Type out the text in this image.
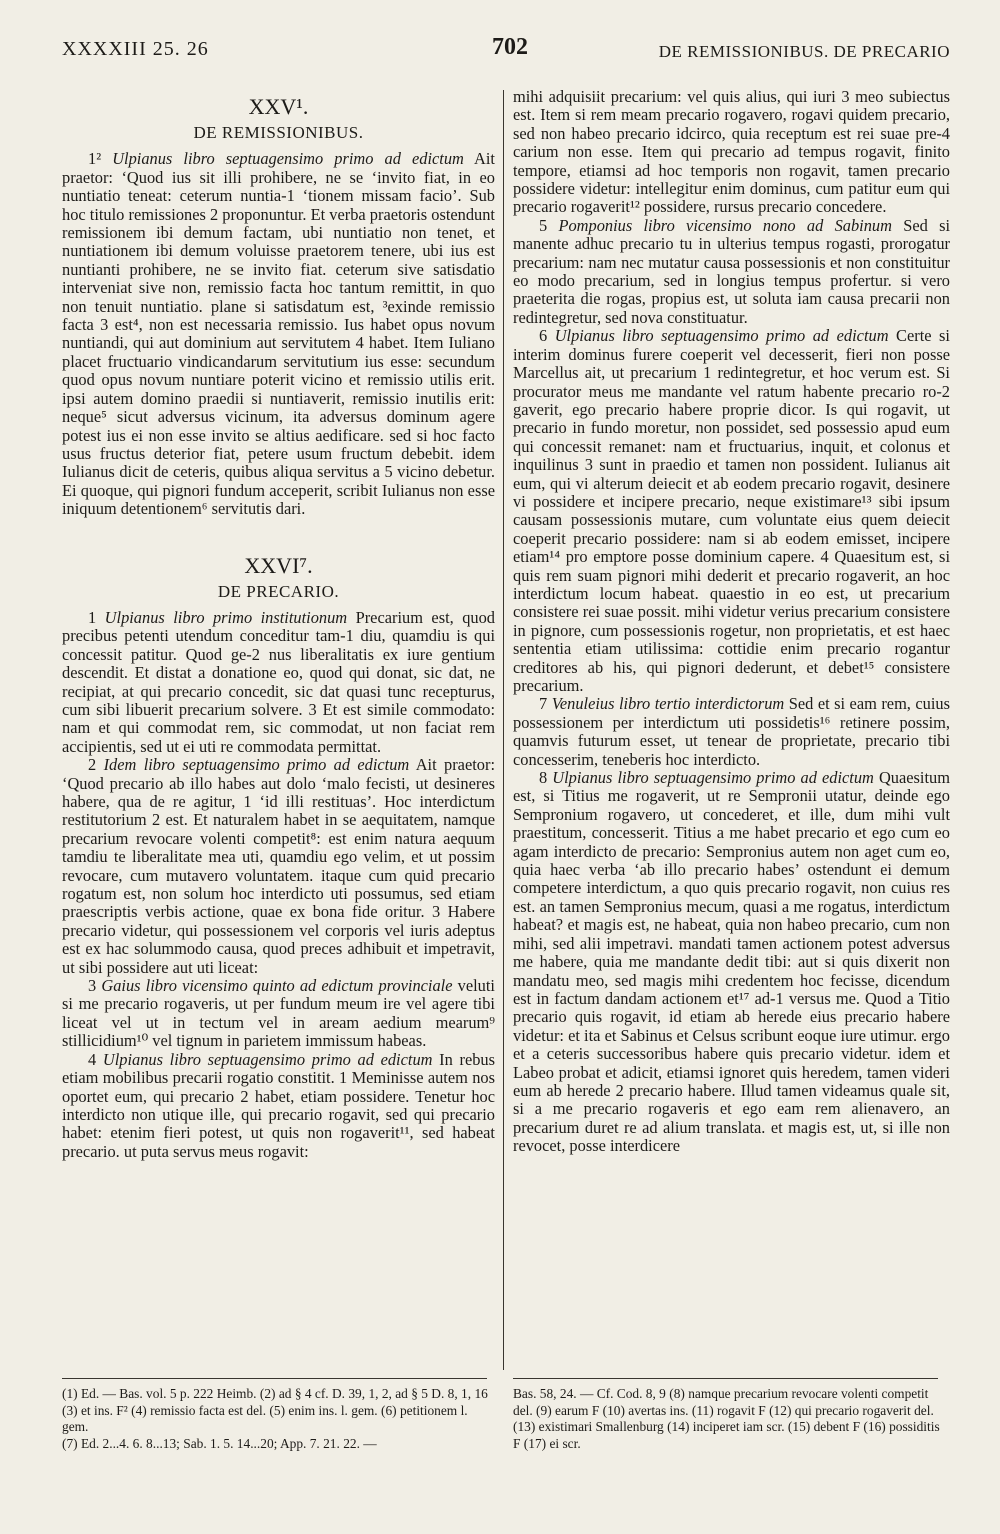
XXXXIII 25. 26	702	DE REMISSIONIBUS. DE PRECARIO
XXV¹.
DE REMISSIONIBUS.

1² Ulpianus libro septuagensimo primo ad edictum Ait praetor: ‘Quod ius sit illi prohibere, ne se ‘invito fiat, in eo nuntiatio teneat: ceterum nuntia-1 ‘tionem missam facio’. Sub hoc titulo remissiones 2 proponuntur. Et verba praetoris ostendunt remissionem ibi demum factam, ubi nuntiatio non tenet, et nuntiationem ibi demum voluisse praetorem tenere, ubi ius est nuntianti prohibere, ne se invito fiat. ceterum sive satisdatio interveniat sive non, remissio facta hoc tantum remittit, in quo non tenuit nuntiatio. plane si satisdatum est, ³exinde remissio facta 3 est⁴, non est necessaria remissio. Ius habet opus novum nuntiandi, qui aut dominium aut servitutem 4 habet. Item Iuliano placet fructuario vindicandarum servitutium ius esse: secundum quod opus novum nuntiare poterit vicino et remissio utilis erit. ipsi autem domino praedii si nuntiaverit, remissio inutilis erit: neque⁵ sicut adversus vicinum, ita adversus dominum agere potest ius ei non esse invito se altius aedificare. sed si hoc facto usus fructus deterior fiat, petere usum fructum debebit. idem Iulianus dicit de ceteris, quibus aliqua servitus a 5 vicino debetur. Ei quoque, qui pignori fundum acceperit, scribit Iulianus non esse iniquum detentionem⁶ servitutis dari.

XXVI⁷.
DE PRECARIO.

1 Ulpianus libro primo institutionum Precarium est, quod precibus petenti utendum conceditur tam-1 diu, quamdiu is qui concessit patitur. Quod ge-2 nus liberalitatis ex iure gentium descendit. Et distat a donatione eo, quod qui donat, sic dat, ne recipiat, at qui precario concedit, sic dat quasi tunc recepturus, cum sibi libuerit precarium solvere. 3 Et est simile commodato: nam et qui commodat rem, sic commodat, ut non faciat rem accipientis, sed ut ei uti re commodata permittat.

2 Idem libro septuagensimo primo ad edictum Ait praetor: ‘Quod precario ab illo habes aut dolo ‘malo fecisti, ut desineres habere, qua de re agitur, 1 ‘id illi restituas’. Hoc interdictum restitutorium 2 est. Et naturalem habet in se aequitatem, namque precarium revocare volenti competit⁸: est enim natura aequum tamdiu te liberalitate mea uti, quamdiu ego velim, et ut possim revocare, cum mutavero voluntatem. itaque cum quid precario rogatum est, non solum hoc interdicto uti possumus, sed etiam praescriptis verbis actione, quae ex bona fide oritur. 3 Habere precario videtur, qui possessionem vel corporis vel iuris adeptus est ex hac solummodo causa, quod preces adhibuit et impetravit, ut sibi possidere aut uti liceat:

3 Gaius libro vicensimo quinto ad edictum provinciale veluti si me precario rogaveris, ut per fundum meum ire vel agere tibi liceat vel ut in tectum vel in aream aedium mearum⁹ stillicidium¹⁰ vel tignum in parietem immissum habeas.

4 Ulpianus libro septuagensimo primo ad edictum In rebus etiam mobilibus precarii rogatio constitit. 1 Meminisse autem nos oportet eum, qui precario 2 habet, etiam possidere. Tenetur hoc interdicto non utique ille, qui precario rogavit, sed qui precario habet: etenim fieri potest, ut quis non rogaverit¹¹, sed habeat precario. ut puta servus meus rogavit:

mihi adquisiit precarium: vel quis alius, qui iuri 3 meo subiectus est. Item si rem meam precario rogavero, rogavi quidem precario, sed non habeo precario idcirco, quia receptum est rei suae pre-4 carium non esse. Item qui precario ad tempus rogavit, finito tempore, etiamsi ad hoc temporis non rogavit, tamen precario possidere videtur: intellegitur enim dominus, cum patitur eum qui precario rogaverit¹² possidere, rursus precario concedere.

5 Pomponius libro vicensimo nono ad Sabinum Sed si manente adhuc precario tu in ulterius tempus rogasti, prorogatur precarium: nam nec mutatur causa possessionis et non constituitur eo modo precarium, sed in longius tempus profertur. si vero praeterita die rogas, propius est, ut soluta iam causa precarii non redintegretur, sed nova constituatur.

6 Ulpianus libro septuagensimo primo ad edictum Certe si interim dominus furere coeperit vel decesserit, fieri non posse Marcellus ait, ut precarium 1 redintegretur, et hoc verum est. Si procurator meus me mandante vel ratum habente precario ro-2 gaverit, ego precario habere proprie dicor. Is qui rogavit, ut precario in fundo moretur, non possidet, sed possessio apud eum qui concessit remanet: nam et fructuarius, inquit, et colonus et inquilinus 3 sunt in praedio et tamen non possident. Iulianus ait eum, qui vi alterum deiecit et ab eodem precario rogavit, desinere vi possidere et incipere precario, neque existimare¹³ sibi ipsum causam possessionis mutare, cum voluntate eius quem deiecit coeperit precario possidere: nam si ab eodem emisset, incipere etiam¹⁴ pro emptore posse dominium capere. 4 Quaesitum est, si quis rem suam pignori mihi dederit et precario rogaverit, an hoc interdictum locum habeat. quaestio in eo est, ut precarium consistere rei suae possit. mihi videtur verius precarium consistere in pignore, cum possessionis rogetur, non proprietatis, et est haec sententia etiam utilissima: cottidie enim precario rogantur creditores ab his, qui pignori dederunt, et debet¹⁵ consistere precarium.

7 Venuleius libro tertio interdictorum Sed et si eam rem, cuius possessionem per interdictum uti possidetis¹⁶ retinere possim, quamvis futurum esset, ut tenear de proprietate, precario tibi concesserim, teneberis hoc interdicto.

8 Ulpianus libro septuagensimo primo ad edictum Quaesitum est, si Titius me rogaverit, ut re Sempronii utatur, deinde ego Sempronium rogavero, ut concederet, et ille, dum mihi vult praestitum, concesserit. Titius a me habet precario et ego cum eo agam interdicto de precario: Sempronius autem non aget cum eo, quia haec verba ‘ab illo precario habes’ ostendunt ei demum competere interdictum, a quo quis precario rogavit, non cuius res est. an tamen Sempronius mecum, quasi a me rogatus, interdictum habeat? et magis est, ne habeat, quia non habeo precario, cum non mihi, sed alii impetravi. mandati tamen actionem potest adversus me habere, quia me mandante dedit tibi: aut si quis dixerit non mandatu meo, sed magis mihi credentem hoc fecisse, dicendum est in factum dandam actionem et¹⁷ ad-1 versus me. Quod a Titio precario quis rogavit, id etiam ab herede eius precario habere videtur: et ita et Sabinus et Celsus scribunt eoque iure utimur. ergo et a ceteris successoribus habere quis precario videtur. idem et Labeo probat et adicit, etiamsi ignoret quis heredem, tamen videri eum ab herede 2 precario habere. Illud tamen videamus quale sit, si a me precario rogaveris et ego eam rem alienavero, an precarium duret re ad alium translata. et magis est, ut, si ille non revocet, posse interdicere

(1) Ed. — Bas. vol. 5 p. 222 Heimb. (2) ad § 4 cf. D. 39, 1, 2, ad § 5 D. 8, 1, 16 (3) et ins. F² (4) remissio facta est del. (5) enim ins. l. gem. (6) petitionem l. gem.
(7) Ed. 2...4. 6. 8...13; Sab. 1. 5. 14...20; App. 7. 21. 22. —
Bas. 58, 24. — Cf. Cod. 8, 9 (8) namque precarium revocare volenti competit del. (9) earum F (10) avertas ins. (11) rogavit F (12) qui precario rogaverit del. (13) existimari Smallenburg (14) inciperet iam scr. (15) debent F (16) possiditis F (17) ei scr.
